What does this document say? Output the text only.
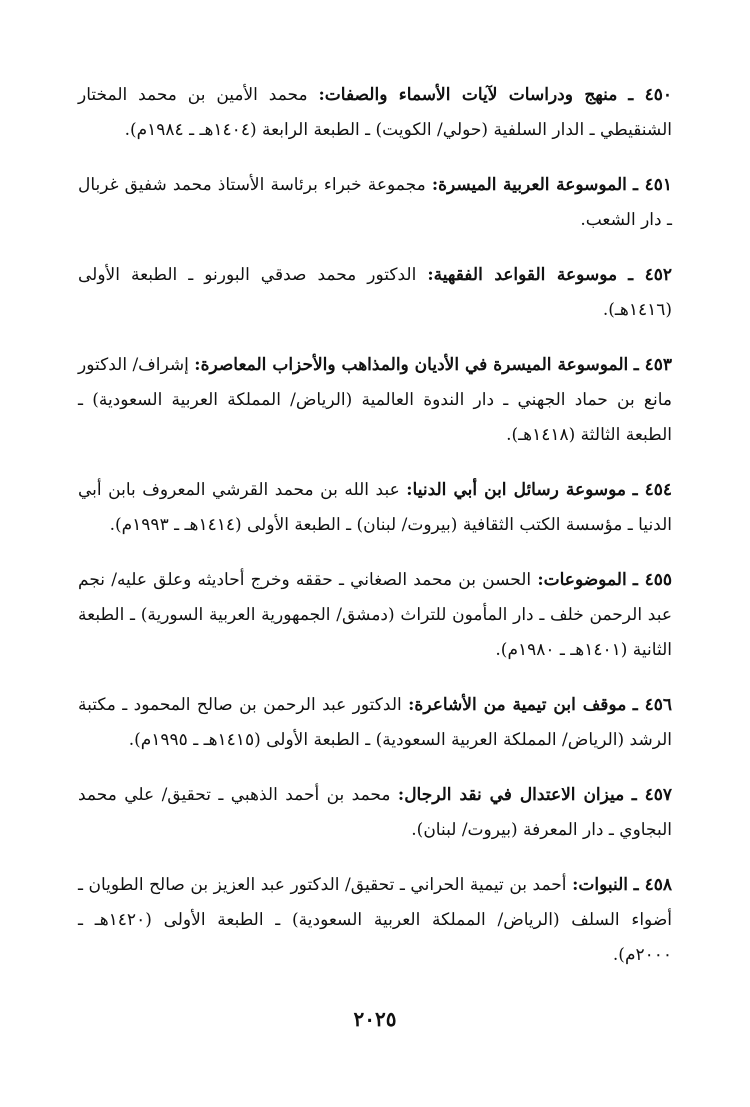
٤٥٠ ـ منهج ودراسات لآيات الأسماء والصفات: محمد الأمين بن محمد المختار الشنقيطي ـ الدار السلفية (حولي/ الكويت) ـ الطبعة الرابعة (١٤٠٤هـ ـ ١٩٨٤م).

٤٥١ ـ الموسوعة العربية الميسرة: مجموعة خبراء برئاسة الأستاذ محمد شفيق غربال ـ دار الشعب.

٤٥٢ ـ موسوعة القواعد الفقهية: الدكتور محمد صدقي البورنو ـ الطبعة الأولى (١٤١٦هـ).

٤٥٣ ـ الموسوعة الميسرة في الأديان والمذاهب والأحزاب المعاصرة: إشراف/ الدكتور مانع بن حماد الجهني ـ دار الندوة العالمية (الرياض/ المملكة العربية السعودية) ـ الطبعة الثالثة (١٤١٨هـ).

٤٥٤ ـ موسوعة رسائل ابن أبي الدنيا: عبد الله بن محمد القرشي المعروف بابن أبي الدنيا ـ مؤسسة الكتب الثقافية (بيروت/ لبنان) ـ الطبعة الأولى (١٤١٤هـ ـ ١٩٩٣م).

٤٥٥ ـ الموضوعات: الحسن بن محمد الصغاني ـ حققه وخرج أحاديثه وعلق عليه/ نجم عبد الرحمن خلف ـ دار المأمون للتراث (دمشق/ الجمهورية العربية السورية) ـ الطبعة الثانية (١٤٠١هـ ـ ١٩٨٠م).

٤٥٦ ـ موقف ابن تيمية من الأشاعرة: الدكتور عبد الرحمن بن صالح المحمود ـ مكتبة الرشد (الرياض/ المملكة العربية السعودية) ـ الطبعة الأولى (١٤١٥هـ ـ ١٩٩٥م).

٤٥٧ ـ ميزان الاعتدال في نقد الرجال: محمد بن أحمد الذهبي ـ تحقيق/ علي محمد البجاوي ـ دار المعرفة (بيروت/ لبنان).

٤٥٨ ـ النبوات: أحمد بن تيمية الحراني ـ تحقيق/ الدكتور عبد العزيز بن صالح الطويان ـ أضواء السلف (الرياض/ المملكة العربية السعودية) ـ الطبعة الأولى (١٤٢٠هـ ـ ٢٠٠٠م).

٢٠٢٥
